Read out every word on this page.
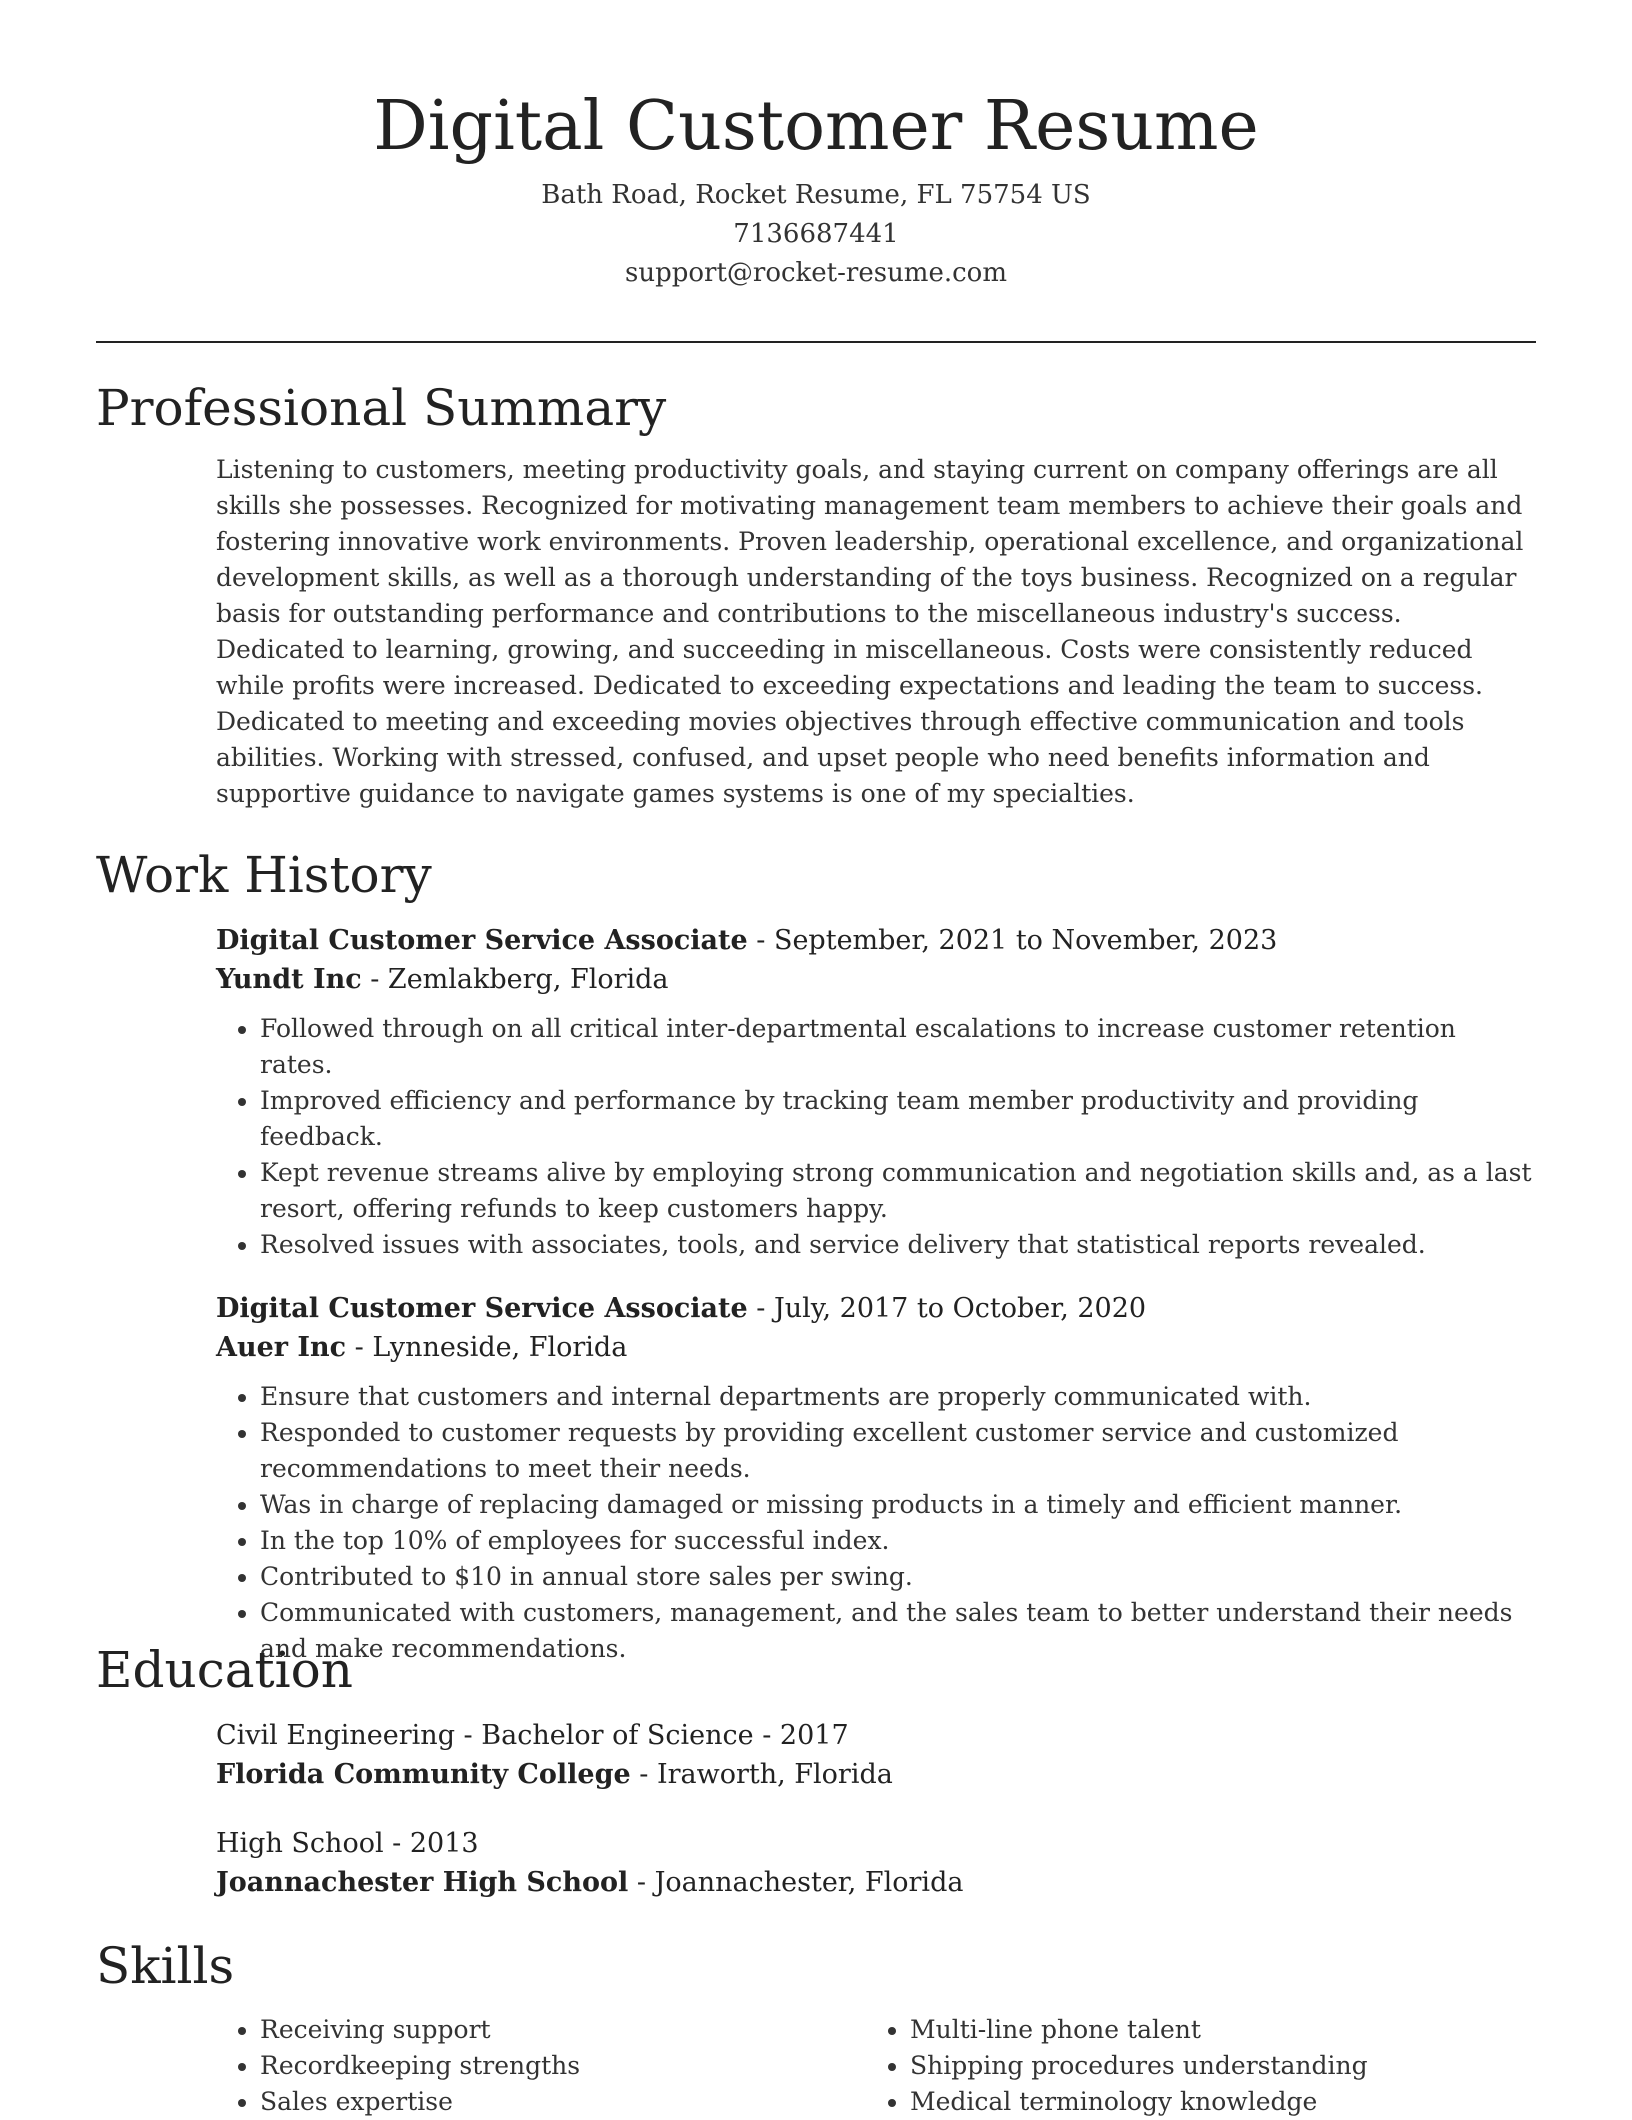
Digital Customer Resume
Bath Road, Rocket Resume, FL 75754 US
7136687441
support@rocket-resume.com
Professional Summary

Listening to customers, meeting productivity goals, and staying current on company offerings are all skills she possesses. Recognized for motivating management team members to achieve their goals and fostering innovative work environments. Proven leadership, operational excellence, and organizational development skills, as well as a thorough understanding of the toys business. Recognized on a regular basis for outstanding performance and contributions to the miscellaneous industry's success. Dedicated to learning, growing, and succeeding in miscellaneous. Costs were consistently reduced while profits were increased. Dedicated to exceeding expectations and leading the team to success. Dedicated to meeting and exceeding movies objectives through effective communication and tools abilities. Working with stressed, confused, and upset people who need benefits information and supportive guidance to navigate games systems is one of my specialties.

Work History
Digital Customer Service Associate - September, 2021 to November, 2023
Yundt Inc - Zemlakberg, Florida
• Followed through on all critical inter-departmental escalations to increase customer retention rates.
• Improved efficiency and performance by tracking team member productivity and providing feedback.
• Kept revenue streams alive by employing strong communication and negotiation skills and, as a last resort, offering refunds to keep customers happy.
• Resolved issues with associates, tools, and service delivery that statistical reports revealed.
Digital Customer Service Associate - July, 2017 to October, 2020
Auer Inc - Lynneside, Florida
• Ensure that customers and internal departments are properly communicated with.
• Responded to customer requests by providing excellent customer service and customized recommendations to meet their needs.
• Was in charge of replacing damaged or missing products in a timely and efficient manner.
• In the top 10% of employees for successful index.
• Contributed to $10 in annual store sales per swing.
• Communicated with customers, management, and the sales team to better understand their needs and make recommendations.
Education
Civil Engineering - Bachelor of Science - 2017
Florida Community College - Iraworth, Florida
High School - 2013
Joannachester High School - Joannachester, Florida
Skills
• Receiving support
• Recordkeeping strengths
• Sales expertise
• Multi-line phone talent
• Shipping procedures understanding
• Medical terminology knowledge
